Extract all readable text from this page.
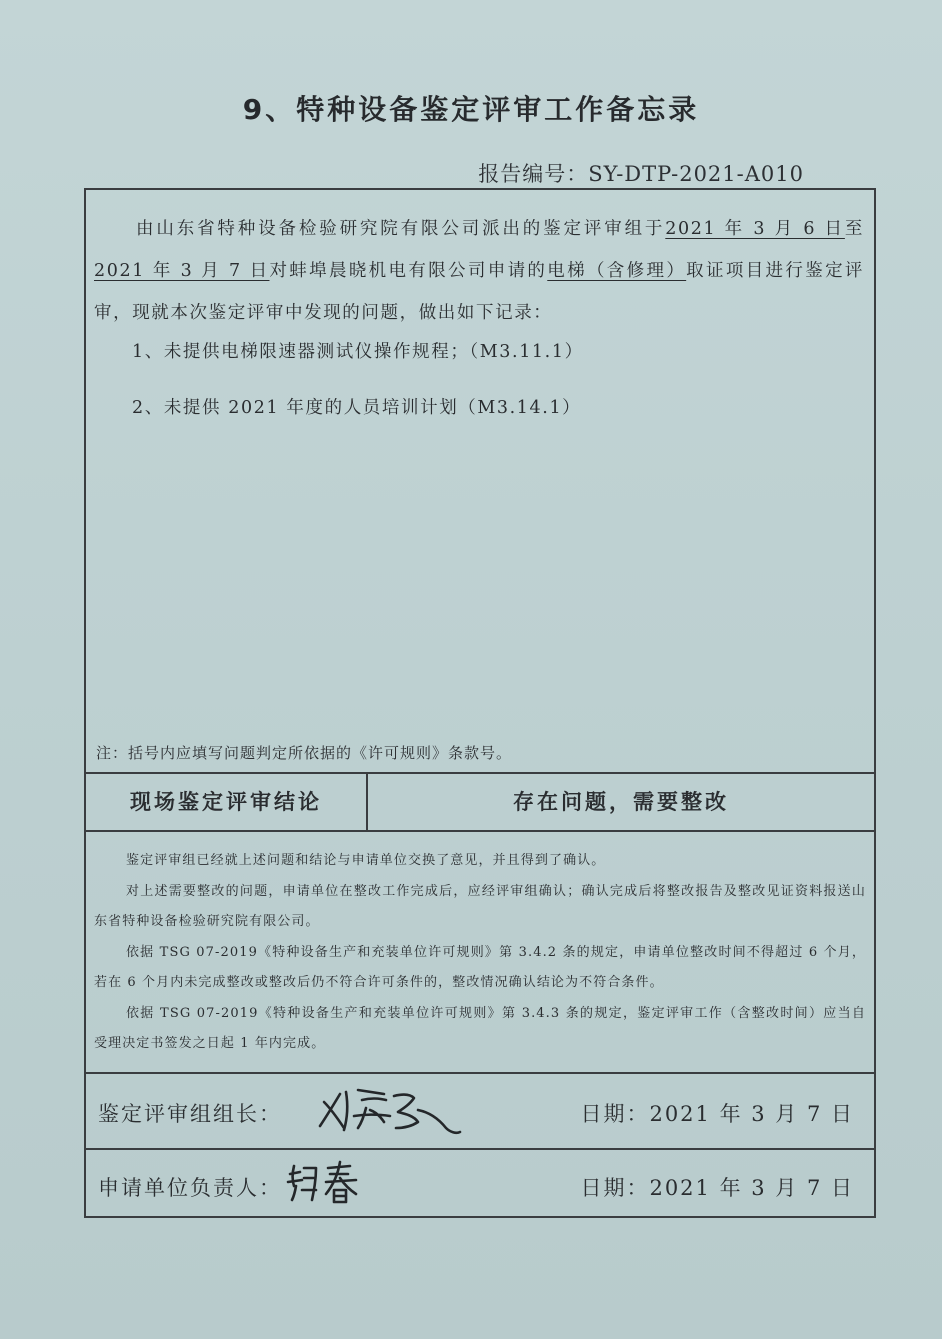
9、特种设备鉴定评审工作备忘录
报告编号：SY-DTP-2021-A010
由山东省特种设备检验研究院有限公司派出的鉴定评审组于2021 年 3 月 6 日至2021 年 3 月 7 日对蚌埠晨晓机电有限公司申请的电梯（含修理）取证项目进行鉴定评审，现就本次鉴定评审中发现的问题，做出如下记录：
1、未提供电梯限速器测试仪操作规程；（M3.11.1）
2、未提供 2021 年度的人员培训计划（M3.14.1）
注：括号内应填写问题判定所依据的《许可规则》条款号。
现场鉴定评审结论	存在问题，需要整改

鉴定评审组已经就上述问题和结论与申请单位交换了意见，并且得到了确认。

对上述需要整改的问题，申请单位在整改工作完成后，应经评审组确认；确认完成后将整改报告及整改见证资料报送山东省特种设备检验研究院有限公司。

依据 TSG 07-2019《特种设备生产和充装单位许可规则》第 3.4.2 条的规定，申请单位整改时间不得超过 6 个月，若在 6 个月内未完成整改或整改后仍不符合许可条件的，整改情况确认结论为不符合条件。

依据 TSG 07-2019《特种设备生产和充装单位许可规则》第 3.4.3 条的规定，鉴定评审工作（含整改时间）应当自受理决定书签发之日起 1 年内完成。

鉴定评审组组长：	日期：2021 年 3 月 7 日
申请单位负责人：	日期：2021 年 3 月 7 日
